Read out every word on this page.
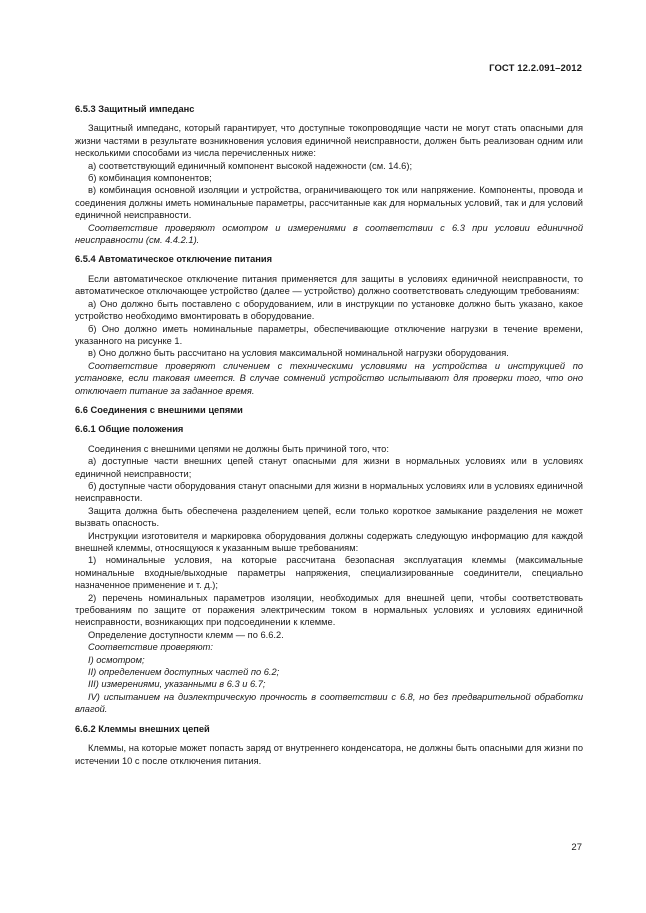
ГОСТ 12.2.091–2012

6.5.3 Защитный импеданс

Защитный импеданс, который гарантирует, что доступные токопроводящие части не могут стать опасными для жизни частями в результате возникновения условия единичной неисправности, должен быть реализован одним или несколькими способами из числа перечисленных ниже:

а) соответствующий единичный компонент высокой надежности (см. 14.6);

б) комбинация компонентов;

в) комбинация основной изоляции и устройства, ограничивающего ток или напряжение. Компоненты, провода и соединения должны иметь номинальные параметры, рассчитанные как для нормальных условий, так и для условий единичной неисправности.

Соответствие проверяют осмотром и измерениями в соответствии с 6.3 при условии единичной неисправности (см. 4.4.2.1).

6.5.4 Автоматическое отключение питания

Если автоматическое отключение питания применяется для защиты в условиях единичной неисправности, то автоматическое отключающее устройство (далее — устройство) должно соответствовать следующим требованиям:

а) Оно должно быть поставлено с оборудованием, или в инструкции по установке должно быть указано, какое устройство необходимо вмонтировать в оборудование.

б) Оно должно иметь номинальные параметры, обеспечивающие отключение нагрузки в течение времени, указанного на рисунке 1.

в) Оно должно быть рассчитано на условия максимальной номинальной нагрузки оборудования.

Соответствие проверяют сличением с техническими условиями на устройства и инструкцией по установке, если таковая имеется. В случае сомнений устройство испытывают для проверки того, что оно отключает питание за заданное время.

6.6 Соединения с внешними цепями

6.6.1 Общие положения

Соединения с внешними цепями не должны быть причиной того, что:

а) доступные части внешних цепей станут опасными для жизни в нормальных условиях или в условиях единичной неисправности;

б) доступные части оборудования станут опасными для жизни в нормальных условиях или в условиях единичной неисправности.

Защита должна быть обеспечена разделением цепей, если только короткое замыкание разделения не может вызвать опасность.

Инструкции изготовителя и маркировка оборудования должны содержать следующую информацию для каждой внешней клеммы, относящуюся к указанным выше требованиям:

1) номинальные условия, на которые рассчитана безопасная эксплуатация клеммы (максимальные номинальные входные/выходные параметры напряжения, специализированные соединители, специально назначенное применение и т. д.);

2) перечень номинальных параметров изоляции, необходимых для внешней цепи, чтобы соответствовать требованиям по защите от поражения электрическим током в нормальных условиях и условиях единичной неисправности, возникающих при подсоединении к клемме.

Определение доступности клемм — по 6.6.2.

Соответствие проверяют:

I) осмотром;

II) определением доступных частей по 6.2;

III) измерениями, указанными в 6.3 и 6.7;

IV) испытанием на диэлектрическую прочность в соответствии с 6.8, но без предварительной обработки влагой.

6.6.2 Клеммы внешних цепей

Клеммы, на которые может попасть заряд от внутреннего конденсатора, не должны быть опасными для жизни по истечении 10 с после отключения питания.

27
